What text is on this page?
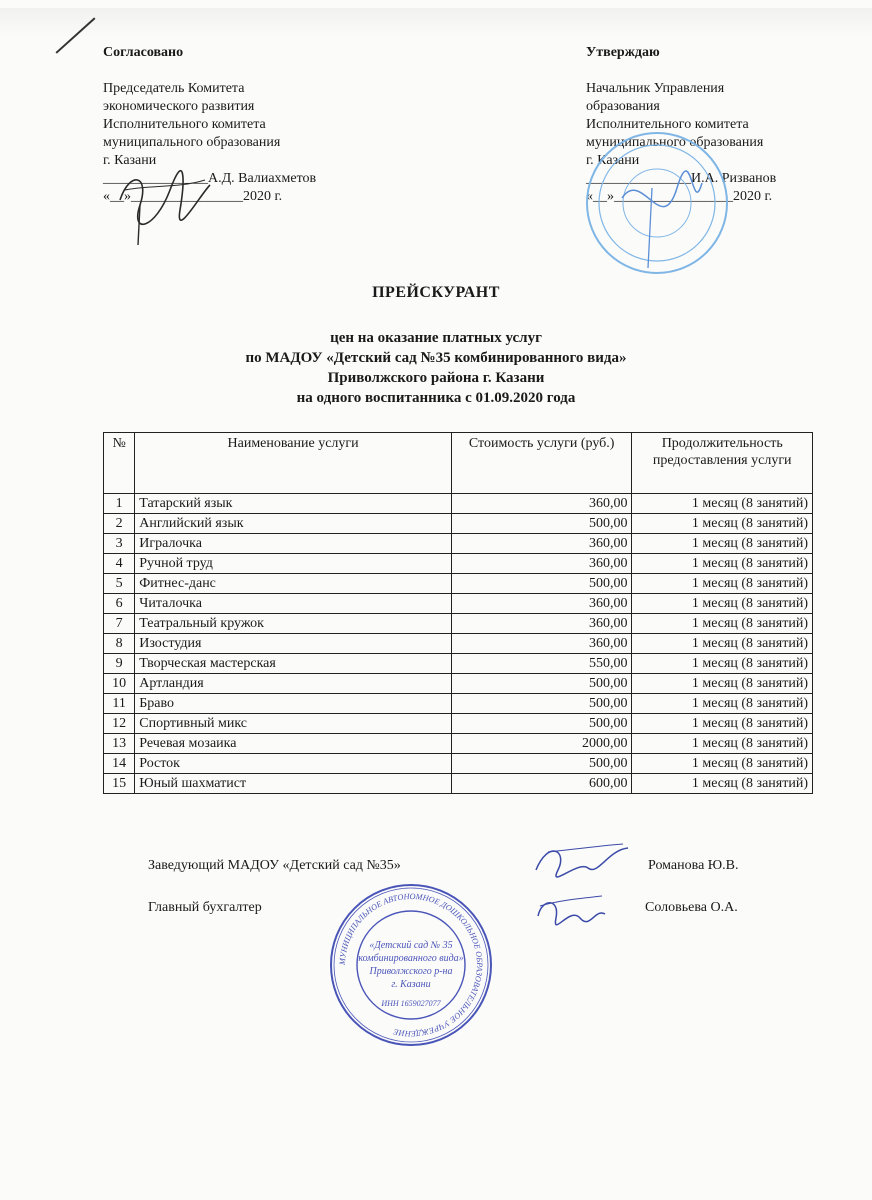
Согласовано
Председатель Комитета
экономического развития
Исполнительного комитета
муниципального образования
г. Казани
_______________А.Д. Валиахметов
«__»________________2020 г.
Утверждаю
Начальник Управления
образования
Исполнительного комитета
муниципального образования
г. Казани
_______________И.А. Ризванов
«__»_________________2020 г.
ПРЕЙСКУРАНТ
цен на оказание платных услуг
по МАДОУ «Детский сад №35 комбинированного вида»
Приволжского района г. Казани
на одного воспитанника с 01.09.2020 года
№	Наименование услуги	Стоимость услуги (руб.)	Продолжительность предоставления услуги
1	Татарский язык	360,00	1 месяц (8 занятий)
2	Английский язык	500,00	1 месяц (8 занятий)
3	Игралочка	360,00	1 месяц (8 занятий)
4	Ручной труд	360,00	1 месяц (8 занятий)
5	Фитнес-данс	500,00	1 месяц (8 занятий)
6	Читалочка	360,00	1 месяц (8 занятий)
7	Театральный кружок	360,00	1 месяц (8 занятий)
8	Изостудия	360,00	1 месяц (8 занятий)
9	Творческая мастерская	550,00	1 месяц (8 занятий)
10	Артландия	500,00	1 месяц (8 занятий)
11	Браво	500,00	1 месяц (8 занятий)
12	Спортивный микс	500,00	1 месяц (8 занятий)
13	Речевая мозаика	2000,00	1 месяц (8 занятий)
14	Росток	500,00	1 месяц (8 занятий)
15	Юный шахматист	600,00	1 месяц (8 занятий)
Заведующий МАДОУ «Детский сад №35»	Романова Ю.В.
Главный бухгалтер	Соловьева О.А.
МУНИЦИПАЛЬНОЕ АВТОНОМНОЕ ДОШКОЛЬНОЕ ОБРАЗОВАТЕЛЬНОЕ УЧРЕЖДЕНИЕ
«Детский сад № 35
комбинированного вида»
Приволжского р-на
г. Казани
ИНН 1659027077
